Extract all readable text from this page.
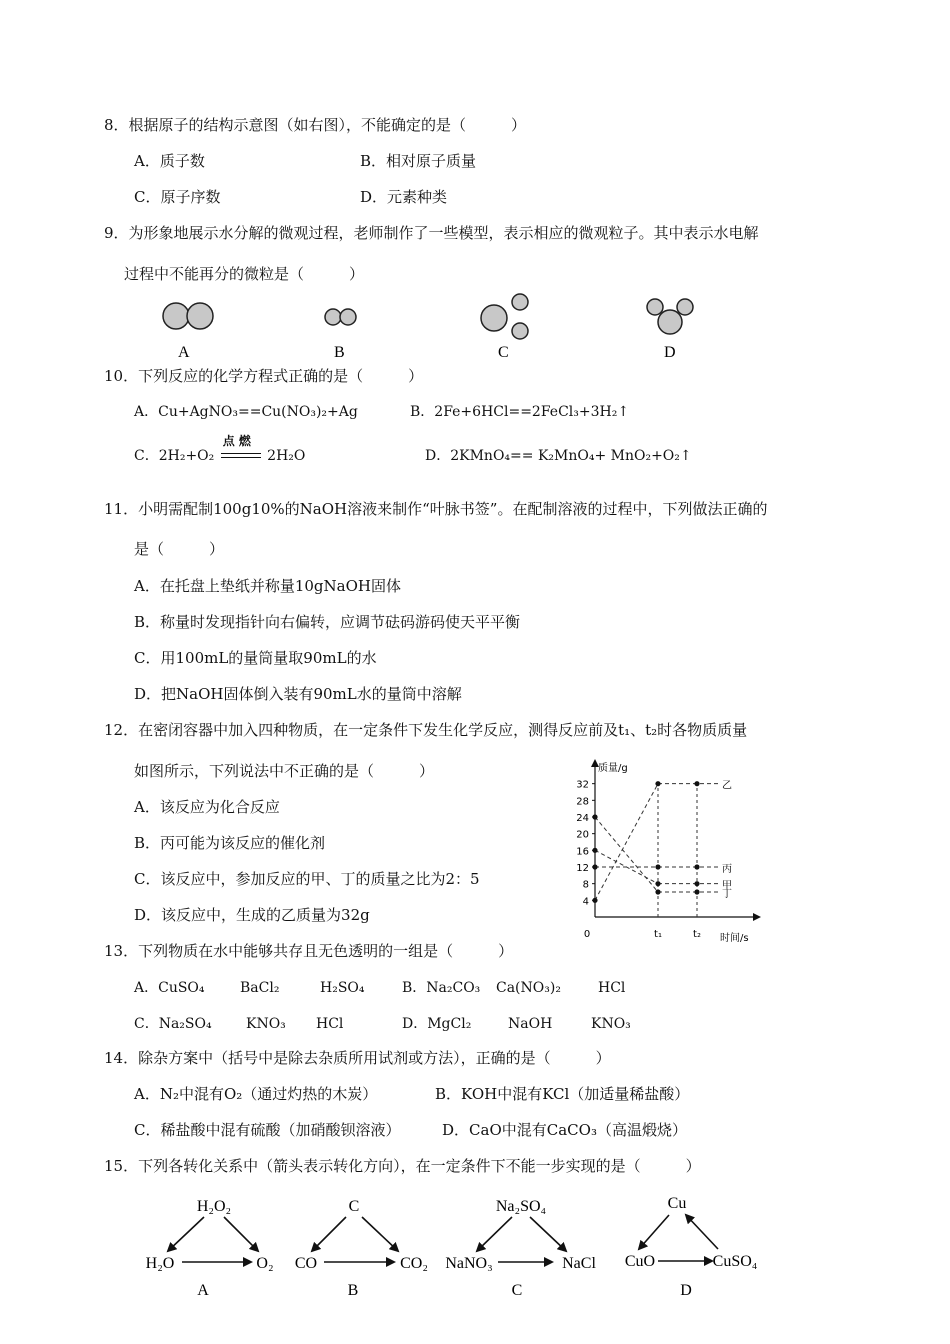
8．根据原子的结构示意图（如右图），不能确定的是（　　　）
A．质子数	B．相对原子质量
C．原子序数	D．元素种类
9．为形象地展示水分解的微观过程，老师制作了一些模型，表示相应的微观粒子。其中表示水电解
过程中不能再分的微粒是（　　　）
A	B	C	D
10．下列反应的化学方程式正确的是（　　　）
A．Cu+AgNO₃==Cu(NO₃)₂+Ag	B．2Fe+6HCl==2FeCl₃+3H₂↑
C．2H₂+O₂
点 燃
2H₂O	D．2KMnO₄== K₂MnO₄+ MnO₂+O₂↑
11．小明需配制100g10%的NaOH溶液来制作“叶脉书签”。在配制溶液的过程中，下列做法正确的
是（　　　）
A．在托盘上垫纸并称量10gNaOH固体
B．称量时发现指针向右偏转，应调节砝码游码使天平平衡
C．用100mL的量筒量取90mL的水
D．把NaOH固体倒入装有90mL水的量筒中溶解
12．在密闭容器中加入四种物质，在一定条件下发生化学反应，测得反应前及t₁、t₂时各物质质量
如图所示，下列说法中不正确的是（　　　）
A．该反应为化合反应
B．丙可能为该反应的催化剂
C．该反应中，参加反应的甲、丁的质量之比为2：5
D．该反应中，生成的乙质量为32g
质量/g
时间/s
4
8
12
16
20
24
28
32
0	t₁	t₂
乙
丙
甲
丁
13．下列物质在水中能够共存且无色透明的一组是（　　　）
A．CuSO₄	BaCl₂	H₂SO₄	B．Na₂CO₃ Ca(NO₃)₂	HCl
C．Na₂SO₄ KNO₃ HCl	D．MgCl₂	NaOH	KNO₃
14．除杂方案中（括号中是除去杂质所用试剂或方法），正确的是（　　　）
A．N₂中混有O₂（通过灼热的木炭）	B．KOH中混有KCl（加适量稀盐酸）
C．稀盐酸中混有硫酸（加硝酸钡溶液）	D．CaO中混有CaCO₃（高温煅烧）
15．下列各转化关系中（箭头表示转化方向），在一定条件下不能一步实现的是（　　　）
H₂O₂
H₂O	O₂
A
C
CO	CO₂
B
Na₂SO₄
NaNO₃	NaCl
C
Cu
CuO	CuSO₄
D
